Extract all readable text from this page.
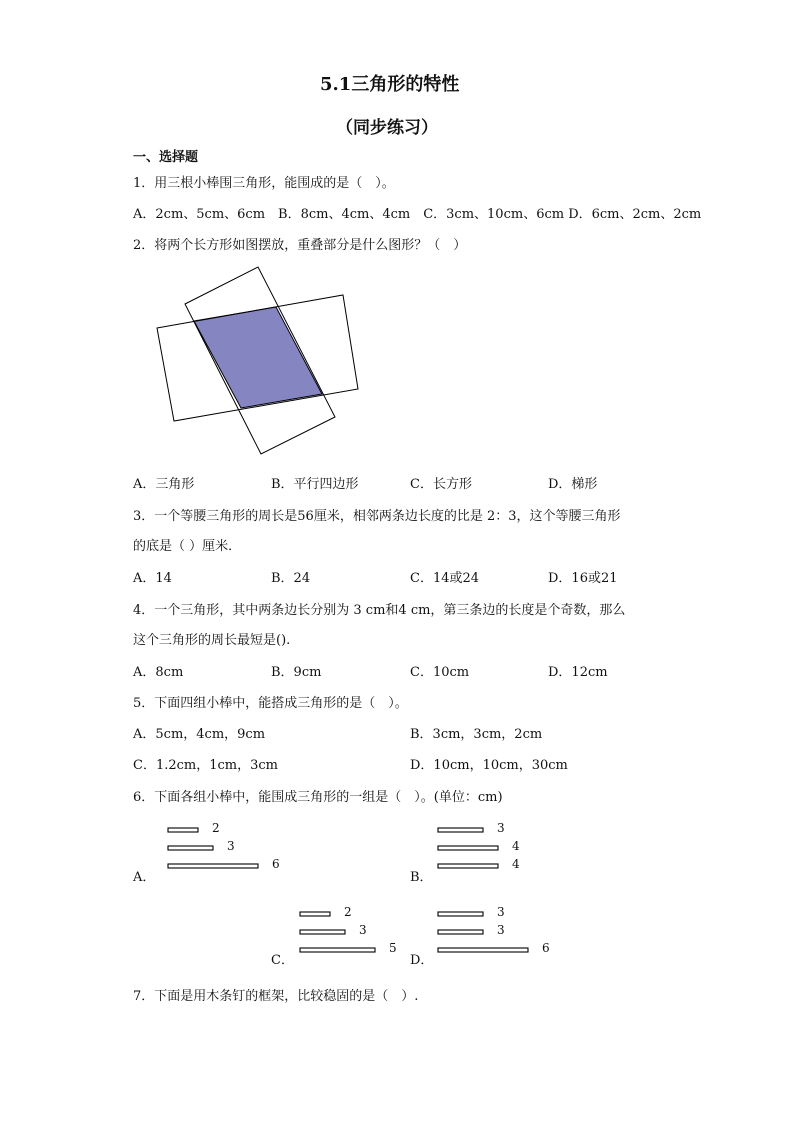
5.1三角形的特性
（同步练习）
一、选择题
1．用三根小棒围三角形，能围成的是（　）。
A．2cm、5cm、6cm　B．8cm、4cm、4cm　C．3cm、10cm、6cm D．6cm、2cm、2cm
2．将两个长方形如图摆放，重叠部分是什么图形？（　）
A．三角形	B．平行四边形	C．长方形	D．梯形
3．一个等腰三角形的周长是56厘米，相邻两条边长度的比是 2：3，这个等腰三角形
的底是（ ）厘米．
A．14	B．24	C．14或24	D．16或21
4．一个三角形，其中两条边长分别为 3 cm和4 cm，第三条边的长度是个奇数，那么
这个三角形的周长最短是().
A．8cm	B．9cm	C．10cm	D．12cm
5．下面四组小棒中，能搭成三角形的是（　）。
A．5cm，4cm，9cm	B．3cm，3cm，2cm
C．1.2cm，1cm，3cm	D．10cm，10cm，30cm
6．下面各组小棒中，能围成三角形的一组是（　）。(单位：cm)
A．	B．
C．	D．
2
3
6
3
4
4
2
3
5
3
3
6
7．下面是用木条钉的框架，比较稳固的是（　）.
